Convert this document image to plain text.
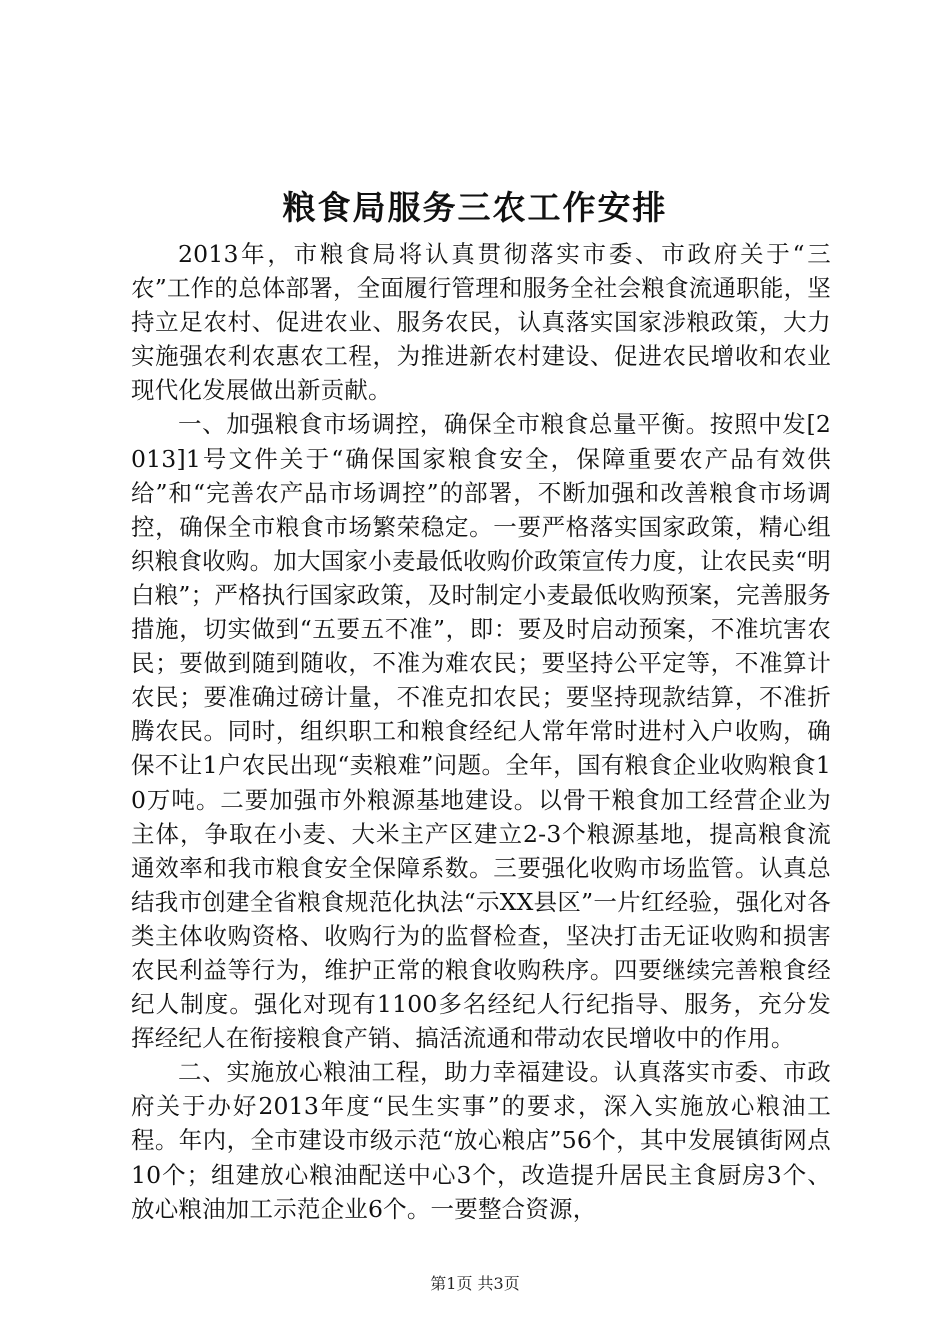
粮食局服务三农工作安排

2013年，市粮食局将认真贯彻落实市委、市政府关于“三农”工作的总体部署，全面履行管理和服务全社会粮食流通职能，坚持立足农村、促进农业、服务农民，认真落实国家涉粮政策，大力实施强农利农惠农工程，为推进新农村建设、促进农民增收和农业现代化发展做出新贡献。

一、加强粮食市场调控，确保全市粮食总量平衡。按照中发[2013]1号文件关于“确保国家粮食安全，保障重要农产品有效供给”和“完善农产品市场调控”的部署，不断加强和改善粮食市场调控，确保全市粮食市场繁荣稳定。一要严格落实国家政策，精心组织粮食收购。加大国家小麦最低收购价政策宣传力度，让农民卖“明白粮”；严格执行国家政策，及时制定小麦最低收购预案，完善服务措施，切实做到“五要五不准”，即：要及时启动预案，不准坑害农民；要做到随到随收，不准为难农民；要坚持公平定等，不准算计农民；要准确过磅计量，不准克扣农民；要坚持现款结算，不准折腾农民。同时，组织职工和粮食经纪人常年常时进村入户收购，确保不让1户农民出现“卖粮难”问题。全年，国有粮食企业收购粮食10万吨。二要加强市外粮源基地建设。以骨干粮食加工经营企业为主体，争取在小麦、大米主产区建立2-3个粮源基地，提高粮食流通效率和我市粮食安全保障系数。三要强化收购市场监管。认真总结我市创建全省粮食规范化执法“示XX县区”一片红经验，强化对各类主体收购资格、收购行为的监督检查，坚决打击无证收购和损害农民利益等行为，维护正常的粮食收购秩序。四要继续完善粮食经纪人制度。强化对现有1100多名经纪人行纪指导、服务，充分发挥经纪人在衔接粮食产销、搞活流通和带动农民增收中的作用。

二、实施放心粮油工程，助力幸福建设。认真落实市委、市政府关于办好2013年度“民生实事”的要求，深入实施放心粮油工程。年内，全市建设市级示范“放心粮店”56个，其中发展镇街网点10个；组建放心粮油配送中心3个，改造提升居民主食厨房3个、放心粮油加工示范企业6个。一要整合资源，

第1页 共3页
